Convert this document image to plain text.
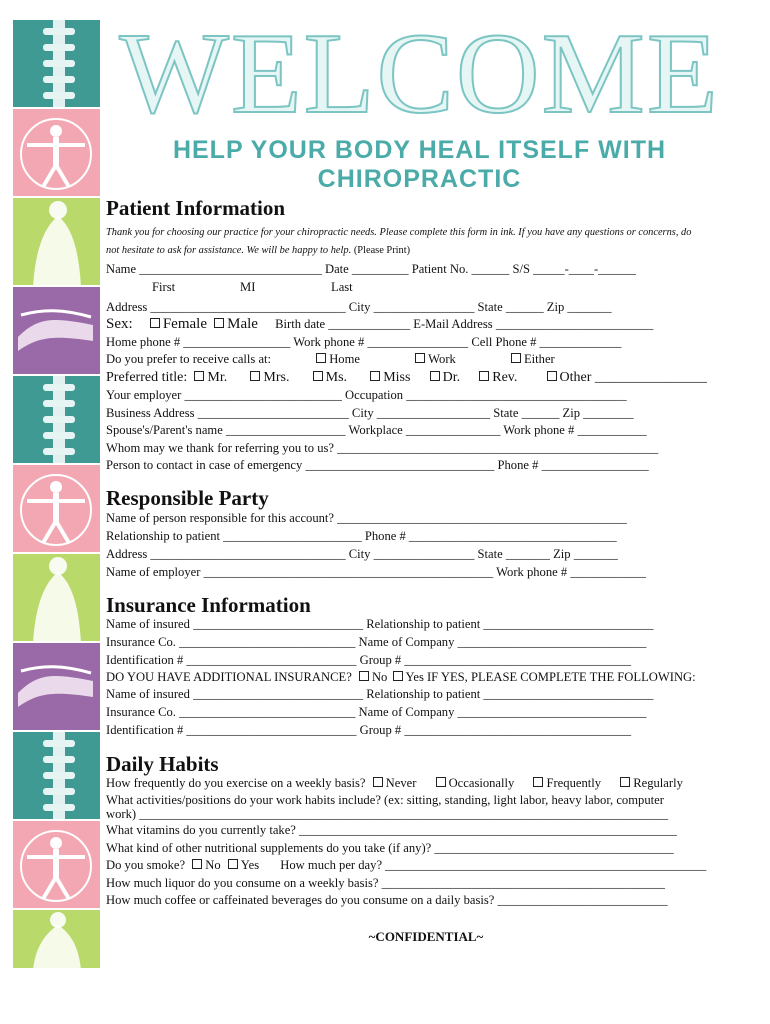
WELCOME
HELP YOUR BODY HEAL ITSELF WITH CHIROPRACTIC
Patient Information
Thank you for choosing our practice for your chiropractic needs. Please complete this form in ink. If you have any questions or concerns, do
not hesitate to ask for assistance. We will be happy to help. (Please Print)
Name _____________________________ Date _________ Patient No. ______ S/S _____-____-______
First	MI	Last
Address _______________________________ City ________________ State ______ Zip _______
Sex: Female Male Birth date _____________ E-Mail Address _________________________
Home phone # _________________ Work phone # ________________ Cell Phone # _____________
Do you prefer to receive calls at:	Home	Work	Either
Preferred title: Mr.	Mrs.	Ms.	Miss Dr. Rev.	Other ________________
Your employer _________________________ Occupation ___________________________________
Business Address ________________________ City __________________ State ______ Zip ________
Spouse's/Parent's name ___________________ Workplace _______________ Work phone # ___________
Whom may we thank for referring you to us? ___________________________________________________
Person to contact in case of emergency ______________________________ Phone # _________________
Responsible Party
Name of person responsible for this account? ______________________________________________
Relationship to patient ______________________ Phone # _________________________________
Address _______________________________ City ________________ State _______ Zip _______
Name of employer ______________________________________________ Work phone # ____________
Insurance Information
Name of insured ___________________________ Relationship to patient ___________________________
Insurance Co. ____________________________ Name of Company ______________________________
Identification # ___________________________ Group # ____________________________________
DO YOU HAVE ADDITIONAL INSURANCE? No Yes IF YES, PLEASE COMPLETE THE FOLLOWING:
Name of insured ___________________________ Relationship to patient ___________________________
Insurance Co. ____________________________ Name of Company ______________________________
Identification # ___________________________ Group # ____________________________________
Daily Habits
How frequently do you exercise on a weekly basis? Never	Occasionally	Frequently	Regularly
What activities/positions do your work habits include? (ex: sitting, standing, light labor, heavy labor, computer
work) ____________________________________________________________________________________
What vitamins do you currently take? ____________________________________________________________
What kind of other nutritional supplements do you take (if any)? ______________________________________
Do you smoke? No Yes How much per day? ___________________________________________________
How much liquor do you consume on a weekly basis? _____________________________________________
How much coffee or caffeinated beverages do you consume on a daily basis? ___________________________
~CONFIDENTIAL~
